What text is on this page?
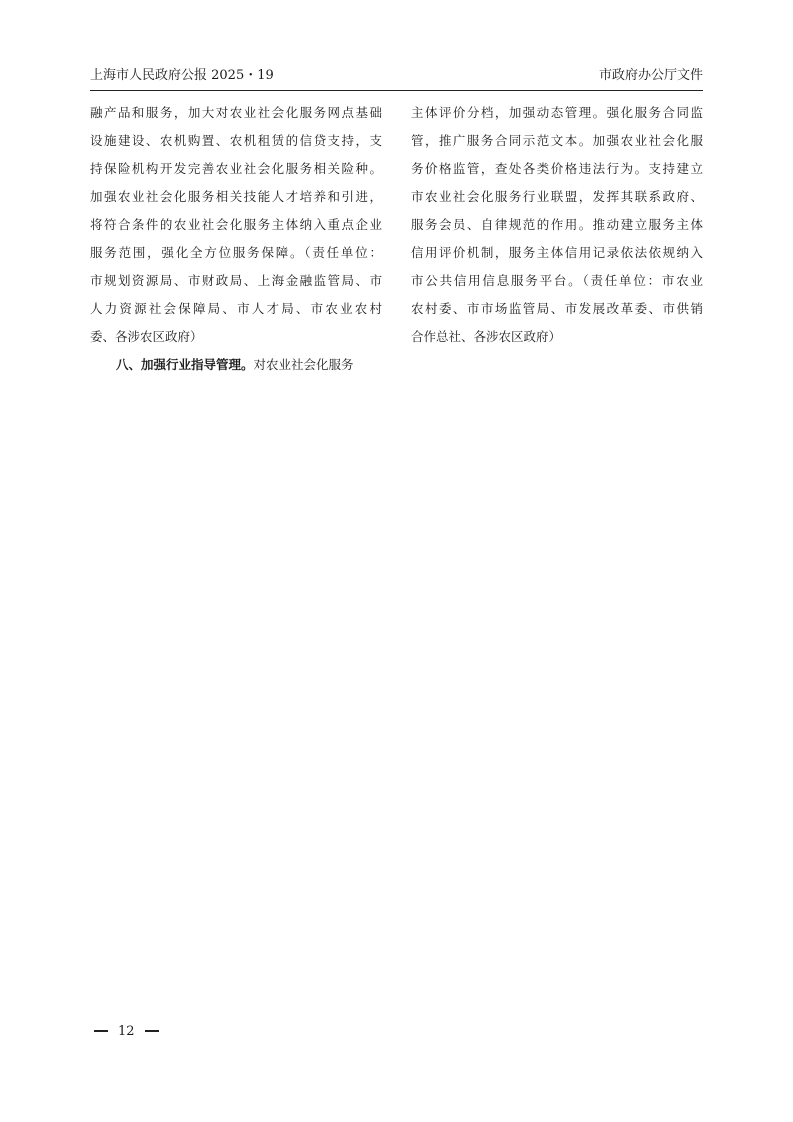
上海市人民政府公报 2025・19	市政府办公厅文件
融产品和服务，加大对农业社会化服务网点基础
设施建设、农机购置、农机租赁的信贷支持，支
持保险机构开发完善农业社会化服务相关险种。
加强农业社会化服务相关技能人才培养和引进，
将符合条件的农业社会化服务主体纳入重点企业
服务范围，强化全方位服务保障。（责任单位：
市规划资源局、市财政局、上海金融监管局、市
人力资源社会保障局、市人才局、市农业农村
委、各涉农区政府）
八、加强行业指导管理。对农业社会化服务
主体评价分档，加强动态管理。强化服务合同监
管，推广服务合同示范文本。加强农业社会化服
务价格监管，查处各类价格违法行为。支持建立
市农业社会化服务行业联盟，发挥其联系政府、
服务会员、自律规范的作用。推动建立服务主体
信用评价机制，服务主体信用记录依法依规纳入
市公共信用信息服务平台。（责任单位：市农业
农村委、市市场监管局、市发展改革委、市供销
合作总社、各涉农区政府）
12
